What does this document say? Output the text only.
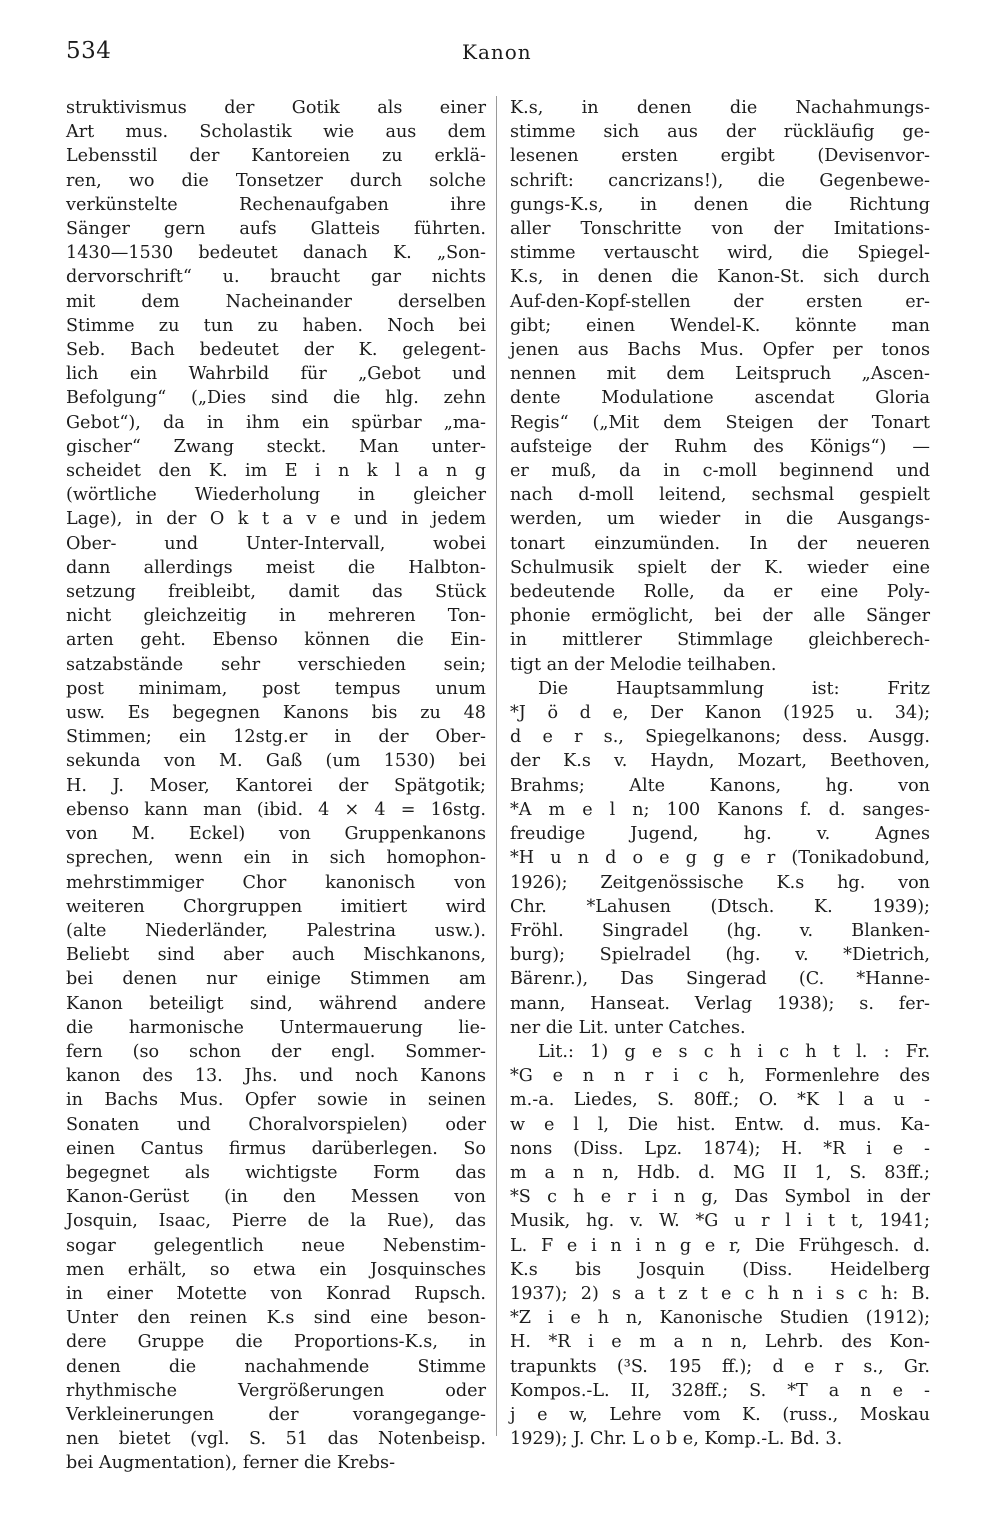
534	Kanon
struktivismus der Gotik als einer
Art mus. Scholastik wie aus dem
Lebensstil der Kantoreien zu erklä-
ren, wo die Tonsetzer durch solche
verkünstelte Rechenaufgaben ihre
Sänger gern aufs Glatteis führten.
1430—1530 bedeutet danach K. „Son-
dervorschrift“ u. braucht gar nichts
mit dem Nacheinander derselben
Stimme zu tun zu haben. Noch bei
Seb. Bach bedeutet der K. gelegent-
lich ein Wahrbild für „Gebot und
Befolgung“ („Dies sind die hlg. zehn
Gebot“), da in ihm ein spürbar „ma-
gischer“ Zwang steckt. Man unter-
scheidet den K. im E i n k l a n g
(wörtliche Wiederholung in gleicher
Lage), in der O k t a v e und in jedem
Ober- und Unter-Intervall, wobei
dann allerdings meist die Halbton-
setzung freibleibt, damit das Stück
nicht gleichzeitig in mehreren Ton-
arten geht. Ebenso können die Ein-
satzabstände sehr verschieden sein;
post minimam, post tempus unum
usw. Es begegnen Kanons bis zu 48
Stimmen; ein 12stg.er in der Ober-
sekunda von M. Gaß (um 1530) bei
H. J. Moser, Kantorei der Spätgotik;
ebenso kann man (ibid. 4 × 4 = 16stg.
von M. Eckel) von Gruppenkanons
sprechen, wenn ein in sich homophon-
mehrstimmiger Chor kanonisch von
weiteren Chorgruppen imitiert wird
(alte Niederländer, Palestrina usw.).
Beliebt sind aber auch Mischkanons,
bei denen nur einige Stimmen am
Kanon beteiligt sind, während andere
die harmonische Untermauerung lie-
fern (so schon der engl. Sommer-
kanon des 13. Jhs. und noch Kanons
in Bachs Mus. Opfer sowie in seinen
Sonaten und Choralvorspielen) oder
einen Cantus firmus darüberlegen. So
begegnet als wichtigste Form das
Kanon-Gerüst (in den Messen von
Josquin, Isaac, Pierre de la Rue), das
sogar gelegentlich neue Nebenstim-
men erhält, so etwa ein Josquinsches
in einer Motette von Konrad Rupsch.
Unter den reinen K.s sind eine beson-
dere Gruppe die Proportions-K.s, in
denen die nachahmende Stimme
rhythmische Vergrößerungen oder
Verkleinerungen der vorangegange-
nen bietet (vgl. S. 51 das Notenbeisp.
bei Augmentation), ferner die Krebs-
K.s, in denen die Nachahmungs-
stimme sich aus der rückläufig ge-
lesenen ersten ergibt (Devisenvor-
schrift: cancrizans!), die Gegenbewe-
gungs-K.s, in denen die Richtung
aller Tonschritte von der Imitations-
stimme vertauscht wird, die Spiegel-
K.s, in denen die Kanon-St. sich durch
Auf-den-Kopf-stellen der ersten er-
gibt; einen Wendel-K. könnte man
jenen aus Bachs Mus. Opfer per tonos
nennen mit dem Leitspruch „Ascen-
dente Modulatione ascendat Gloria
Regis“ („Mit dem Steigen der Tonart
aufsteige der Ruhm des Königs“) —
er muß, da in c-moll beginnend und
nach d-moll leitend, sechsmal gespielt
werden, um wieder in die Ausgangs-
tonart einzumünden. In der neueren
Schulmusik spielt der K. wieder eine
bedeutende Rolle, da er eine Poly-
phonie ermöglicht, bei der alle Sänger
in mittlerer Stimmlage gleichberech-
tigt an der Melodie teilhaben.
Die Hauptsammlung ist: Fritz
*J ö d e, Der Kanon (1925 u. 34);
d e r s., Spiegelkanons; dess. Ausgg.
der K.s v. Haydn, Mozart, Beethoven,
Brahms; Alte Kanons, hg. von
*A m e l n; 100 Kanons f. d. sanges-
freudige Jugend, hg. v. Agnes
*H u n d o e g g e r (Tonikadobund,
1926); Zeitgenössische K.s hg. von
Chr. *Lahusen (Dtsch. K. 1939);
Fröhl. Singradel (hg. v. Blanken-
burg); Spielradel (hg. v. *Dietrich,
Bärenr.), Das Singerad (C. *Hanne-
mann, Hanseat. Verlag 1938); s. fer-
ner die Lit. unter Catches.
Lit.: 1) g e s c h i c h t l. : Fr.
*G e n n r i c h, Formenlehre des
m.-a. Liedes, S. 80ff.; O. *K l a u -
w e l l, Die hist. Entw. d. mus. Ka-
nons (Diss. Lpz. 1874); H. *R i e -
m a n n, Hdb. d. MG II 1, S. 83ff.;
*S c h e r i n g, Das Symbol in der
Musik, hg. v. W. *G u r l i t t, 1941;
L. F e i n i n g e r, Die Frühgesch. d.
K.s bis Josquin (Diss. Heidelberg
1937); 2) s a t z t e c h n i s c h: B.
*Z i e h n, Kanonische Studien (1912);
H. *R i e m a n n, Lehrb. des Kon-
trapunkts (³S. 195 ff.); d e r s., Gr.
Kompos.-L. II, 328ff.; S. *T a n e -
j e w, Lehre vom K. (russ., Moskau
1929); J. Chr. L o b e, Komp.-L. Bd. 3.
